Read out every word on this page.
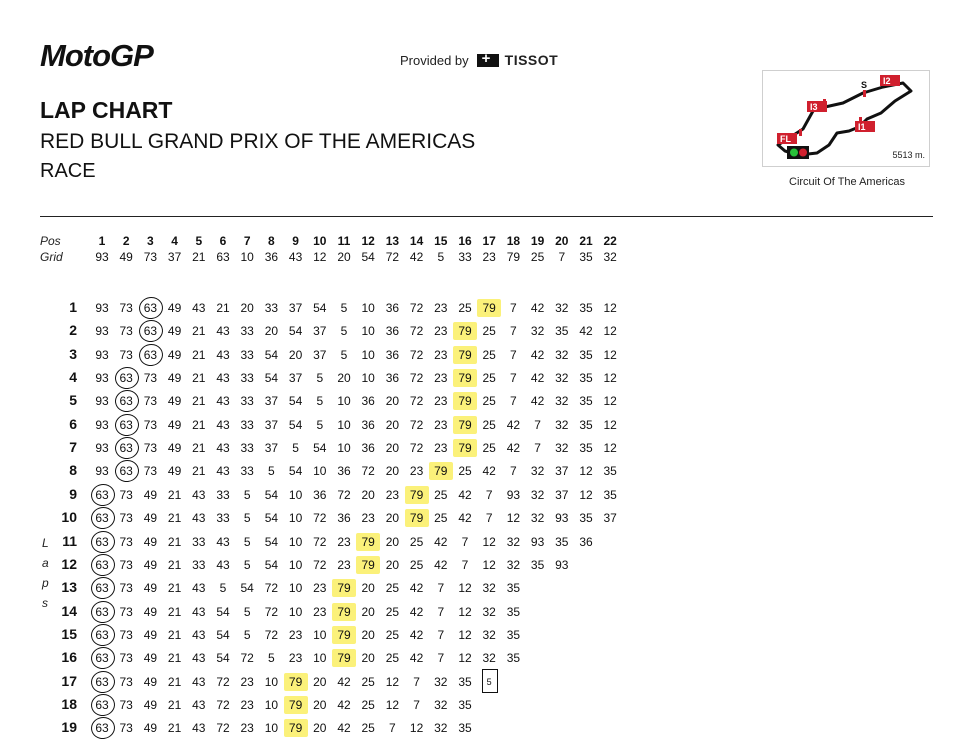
MotoGP	Provided by
+	TISSOT
LAP CHART
RED BULL GRAND PRIX OF THE AMERICAS
RACE
S I2
I3
I1
FL
5513 m.
Circuit Of The Americas
Pos
Grid
L
a
p
s
1	2	3	4	5	6	7	8	9	10 11 12 13 14 15 16 17 18 19 20 21 22
93 49 73 37 21 63 10 36 43 12 20 54 72 42	5	33 23 79 25	7	35 32
1	93 73 63 49 43 21 20 33 37 54	5	10 36 72 23 25 79	7	42 32 35 12
2	93 73 63 49 21 43 33 20 54 37	5	10 36 72 23 79 25	7	32 35 42 12
3	93 73 63 49 21 43 33 54 20 37	5	10 36 72 23 79 25	7	42 32 35 12
4	93 63 73 49 21 43 33 54 37	5	20 10 36 72 23 79 25	7	42 32 35 12
5	93 63 73 49 21 43 33 37 54	5	10 36 20 72 23 79 25	7	42 32 35 12
6	93 63 73 49 21 43 33 37 54	5	10 36 20 72 23 79 25 42	7	32 35 12
7	93 63 73 49 21 43 33 37	5	54 10 36 20 72 23 79 25 42	7	32 35 12
8	93 63 73 49 21 43 33	5	54 10 36 72 20 23 79 25 42	7	32 37 12 35
9	63 73 49 21 43 33	5	54 10 36 72 20 23 79 25 42	7	93 32 37 12 35
10	63 73 49 21 43 33	5	54 10 72 36 23 20 79 25 42	7	12 32 93 35 37
11	63 73 49 21 33 43	5	54 10 72 23 79 20 25 42	7	12 32 93 35 36
12	63 73 49 21 33 43	5	54 10 72 23 79 20 25 42	7	12 32 35 93
13	63 73 49 21 43	5	54 72 10 23 79 20 25 42	7	12 32 35
14	63 73 49 21 43 54	5	72 10 23 79 20 25 42	7	12 32 35
15	63 73 49 21 43 54	5	72 23 10 79 20 25 42	7	12 32 35
16	63 73 49 21 43 54 72	5	23 10 79 20 25 42	7	12 32 35
17	63 73 49 21 43 72 23 10 79 20 42 25 12	7	32 35	5
18	63 73 49 21 43 72 23 10 79 20 42 25 12	7	32 35
19	63 73 49 21 43 72 23 10 79 20 42 25	7	12 32 35
